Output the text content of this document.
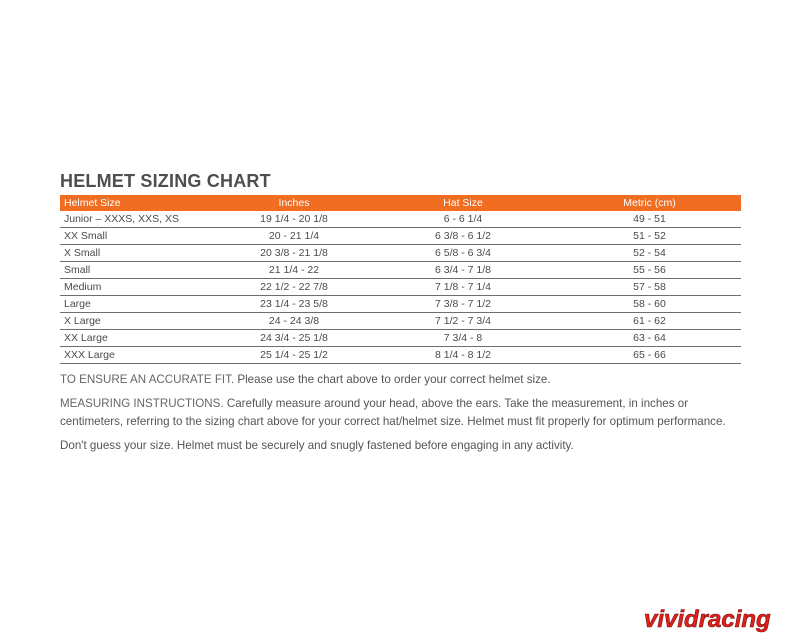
HELMET SIZING CHART
Helmet Size	Inches	Hat Size	Metric (cm)
Junior – XXXS, XXS, XS	19 1/4 - 20 1/8	6 - 6 1/4	49 - 51
XX Small	20 - 21 1/4	6 3/8 - 6 1/2	51 - 52
X Small	20 3/8 - 21 1/8	6 5/8 - 6 3/4	52 - 54
Small	21 1/4 - 22	6 3/4 - 7 1/8	55 - 56
Medium	22 1/2 - 22 7/8	7 1/8 - 7 1/4	57 - 58
Large	23 1/4 - 23 5/8	7 3/8 - 7 1/2	58 - 60
X Large	24 - 24 3/8	7 1/2 - 7 3/4	61 - 62
XX Large	24 3/4 - 25 1/8	7 3/4 - 8	63 - 64
XXX Large	25 1/4 - 25 1/2	8 1/4 - 8 1/2	65 - 66

TO ENSURE AN ACCURATE FIT. Please use the chart above to order your correct helmet size.

MEASURING INSTRUCTIONS. Carefully measure around your head, above the ears. Take the measurement, in inches or centimeters, referring to the sizing chart above for your correct hat/helmet size. Helmet must fit properly for optimum performance.

Don't guess your size. Helmet must be securely and snugly fastened before engaging in any activity.

vividracing
